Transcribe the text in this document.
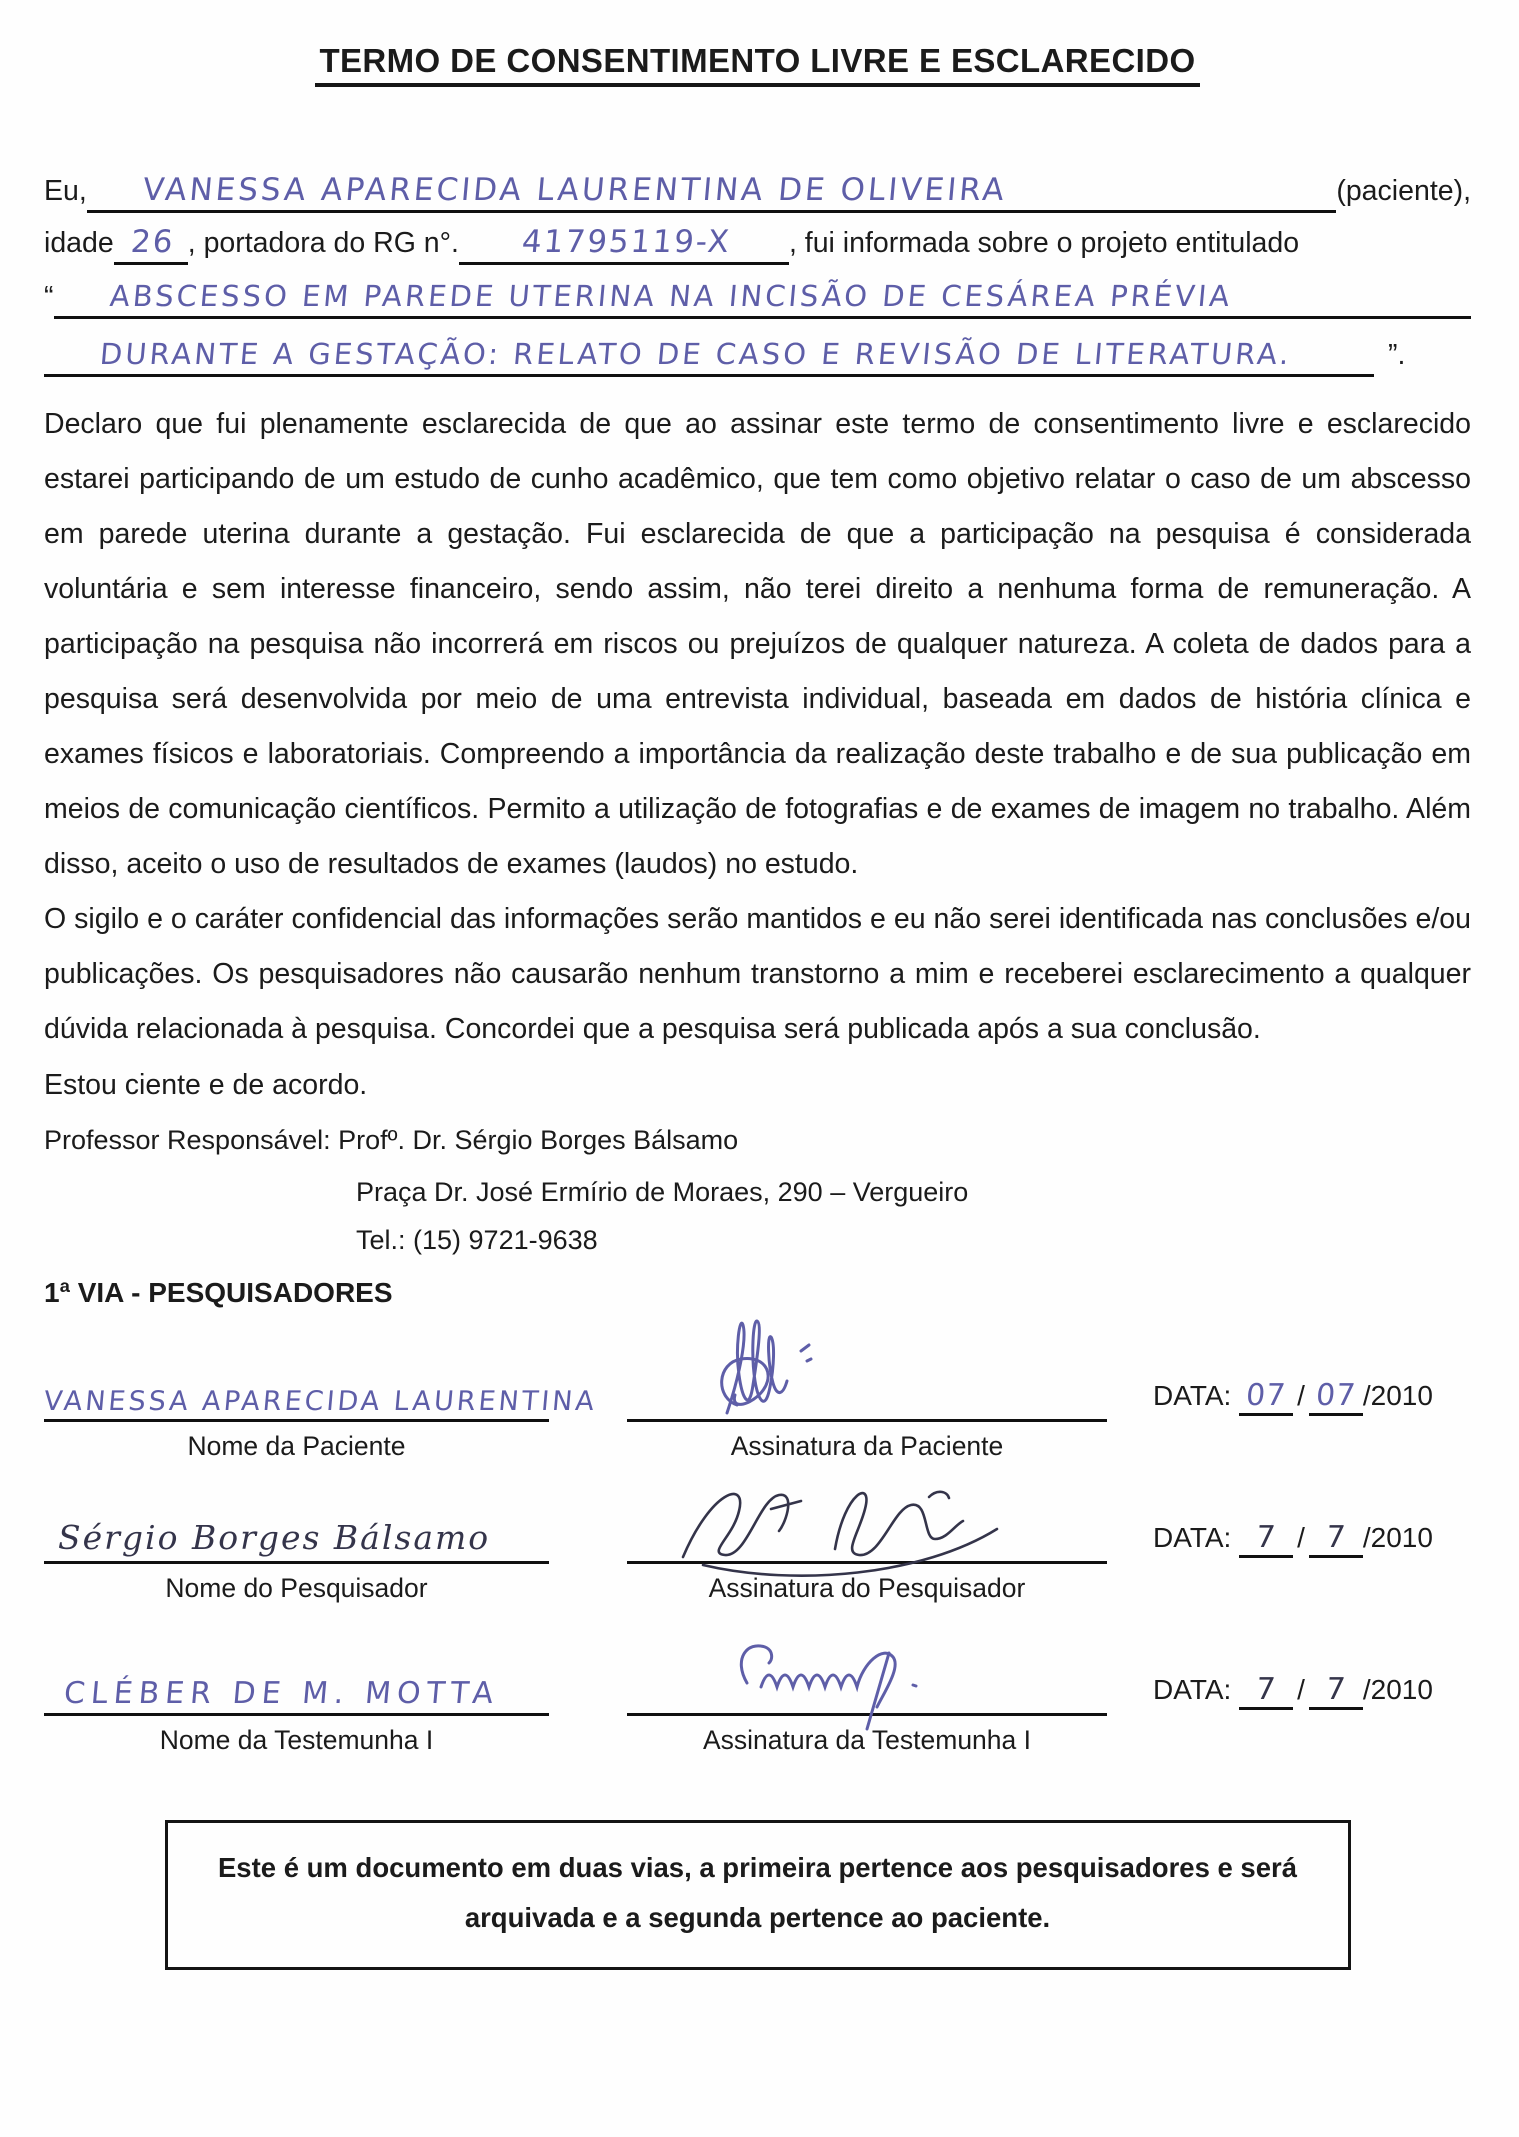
TERMO DE CONSENTIMENTO LIVRE E ESCLARECIDO
Eu,	VANESSA APARECIDA LAURENTINA DE OLIVEIRA	(paciente),
idade 26 , portadora do RG n°.	41795119-X	, fui informada sobre o projeto entitulado
“	ABSCESSO EM PAREDE UTERINA NA INCISÃO DE CESÁREA PRÉVIA
DURANTE A GESTAÇÃO: RELATO DE CASO E REVISÃO DE LITERATURA.	”.

Declaro que fui plenamente esclarecida de que ao assinar este termo de consentimento livre e esclarecido estarei participando de um estudo de cunho acadêmico, que tem como objetivo relatar o caso de um abscesso em parede uterina durante a gestação. Fui esclarecida de que a participação na pesquisa é considerada voluntária e sem interesse financeiro, sendo assim, não terei direito a nenhuma forma de remuneração. A participação na pesquisa não incorrerá em riscos ou prejuízos de qualquer natureza. A coleta de dados para a pesquisa será desenvolvida por meio de uma entrevista individual, baseada em dados de história clínica e exames físicos e laboratoriais. Compreendo a importância da realização deste trabalho e de sua publicação em meios de comunicação científicos. Permito a utilização de fotografias e de exames de imagem no trabalho. Além disso, aceito o uso de resultados de exames (laudos) no estudo.

O sigilo e o caráter confidencial das informações serão mantidos e eu não serei identificada nas conclusões e/ou publicações. Os pesquisadores não causarão nenhum transtorno a mim e receberei esclarecimento a qualquer dúvida relacionada à pesquisa. Concordei que a pesquisa será publicada após a sua conclusão.

Estou ciente e de acordo.

Professor Responsável: Profº. Dr. Sérgio Borges Bálsamo

Praça Dr. José Ermírio de Moraes, 290 – Vergueiro

Tel.: (15) 9721-9638

1ª VIA - PESQUISADORES
VANESSA APARECIDA LAURENTINA
Nome da Paciente	Assinatura da Paciente
DATA: 07 / 07 /2010
Sérgio Borges Bálsamo
Nome do Pesquisador	Assinatura do Pesquisador
DATA: 7 / 7 /2010
CLÉBER DE M. MOTTA
Nome da Testemunha I	Assinatura da Testemunha I
DATA: 7 / 7 /2010
Este é um documento em duas vias, a primeira pertence aos pesquisadores e será
arquivada e a segunda pertence ao paciente.
